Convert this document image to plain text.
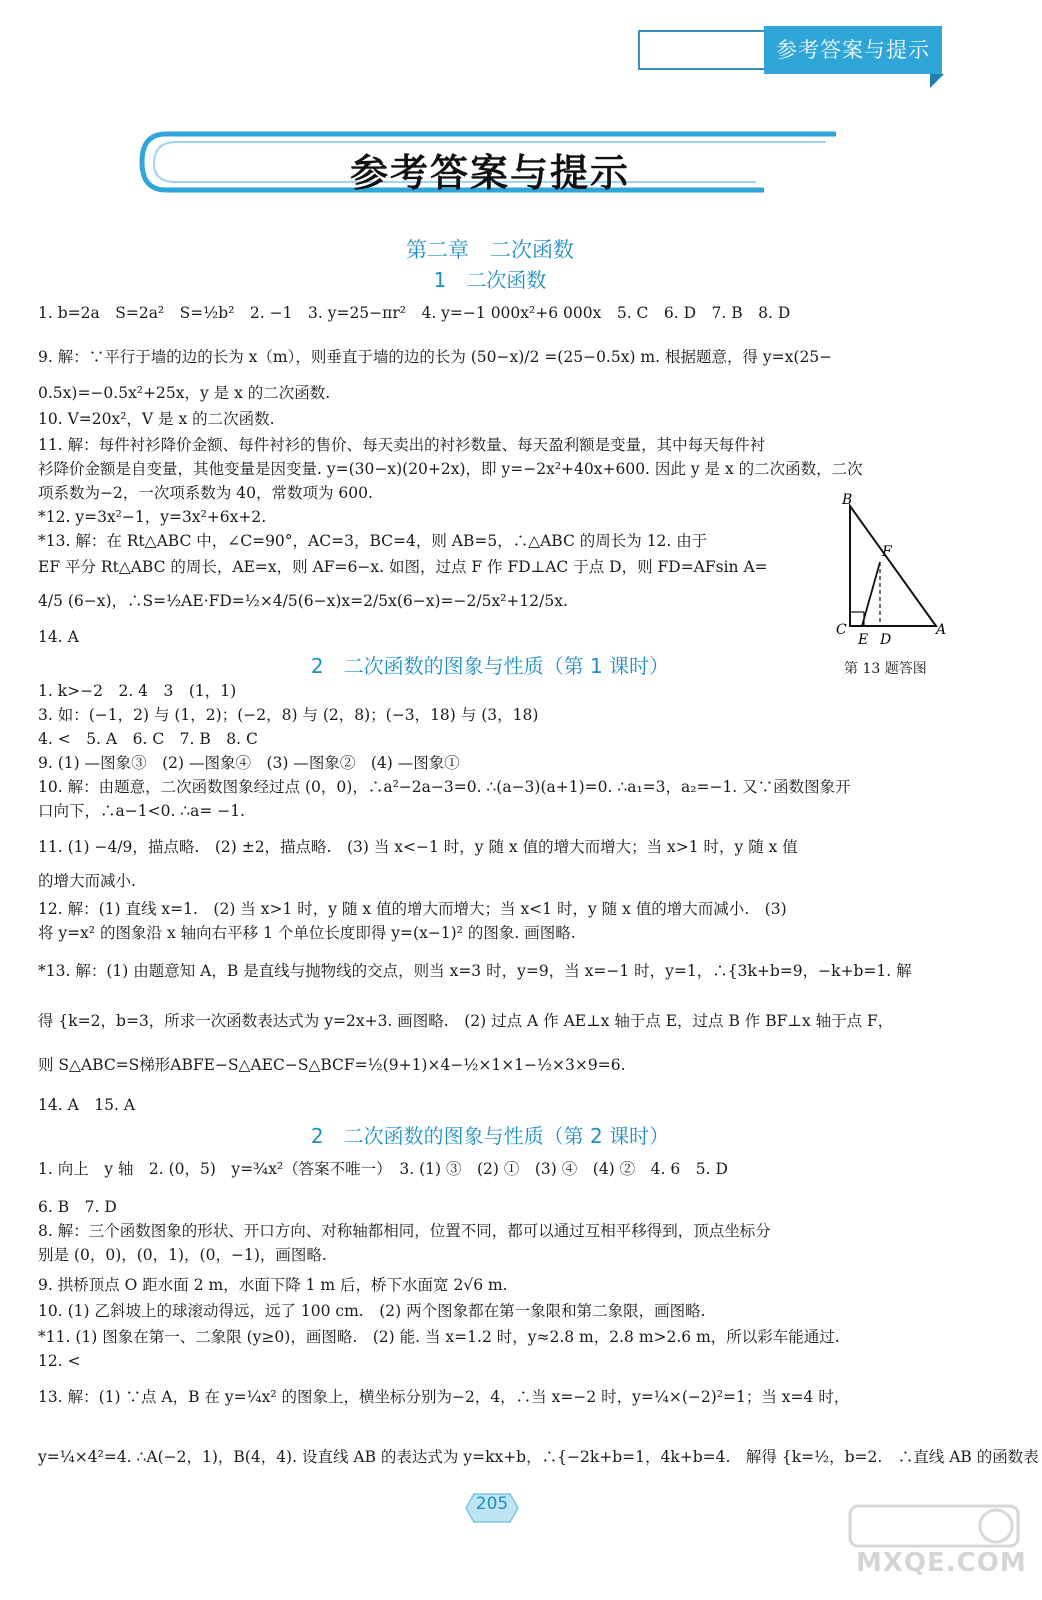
参考答案与提示
参考答案与提示
第二章　二次函数
1　二次函数
1. b=2a　S=2a²　S=½b²　2. −1　3. y=25−πr²　4. y=−1 000x²+6 000x　5. C　6. D　7. B　8. D
9. 解：∵平行于墙的边的长为 x（m），则垂直于墙的边的长为 (50−x)/2 =(25−0.5x) m. 根据题意，得 y=x(25−
0.5x)=−0.5x²+25x，y 是 x 的二次函数.
10. V=20x²，V 是 x 的二次函数.
11. 解：每件衬衫降价金额、每件衬衫的售价、每天卖出的衬衫数量、每天盈利额是变量，其中每天每件衬
衫降价金额是自变量，其他变量是因变量. y=(30−x)(20+2x)，即 y=−2x²+40x+600. 因此 y 是 x 的二次函数，二次
项系数为−2，一次项系数为 40，常数项为 600.
*12. y=3x²−1，y=3x²+6x+2.
*13. 解：在 Rt△ABC 中，∠C=90°，AC=3，BC=4，则 AB=5，∴△ABC 的周长为 12. 由于
EF 平分 Rt△ABC 的周长，AE=x，则 AF=6−x. 如图，过点 F 作 FD⊥AC 于点 D，则 FD=AFsin A=
4/5 (6−x)，∴S=½AE·FD=½×4/5(6−x)x=2/5x(6−x)=−2/5x²+12/5x.
14. A
B
F
C
E D
A
第 13 题答图
2　二次函数的图象与性质（第 1 课时）
1. k>−2　2. 4　3　(1，1)
3. 如：(−1，2) 与 (1，2)；(−2，8) 与 (2，8)；(−3，18) 与 (3，18)
4. <　5. A　6. C　7. B　8. C
9. (1) —图象③　(2) —图象④　(3) —图象②　(4) —图象①
10. 解：由题意，二次函数图象经过点 (0，0)，∴a²−2a−3=0. ∴(a−3)(a+1)=0. ∴a₁=3，a₂=−1. 又∵函数图象开
口向下，∴a−1<0. ∴a= −1.
11. (1) −4/9，描点略.　(2) ±2，描点略.　(3) 当 x<−1 时，y 随 x 值的增大而增大；当 x>1 时，y 随 x 值
的增大而减小.
12. 解：(1) 直线 x=1.　(2) 当 x>1 时，y 随 x 值的增大而增大；当 x<1 时，y 随 x 值的增大而减小.　(3)
将 y=x² 的图象沿 x 轴向右平移 1 个单位长度即得 y=(x−1)² 的图象. 画图略.
*13. 解：(1) 由题意知 A，B 是直线与抛物线的交点，则当 x=3 时，y=9，当 x=−1 时，y=1，∴{3k+b=9，−k+b=1. 解
得 {k=2，b=3，所求一次函数表达式为 y=2x+3. 画图略.　(2) 过点 A 作 AE⊥x 轴于点 E，过点 B 作 BF⊥x 轴于点 F，
则 S△ABC=S梯形ABFE−S△AEC−S△BCF=½(9+1)×4−½×1×1−½×3×9=6.
14. A　15. A
2　二次函数的图象与性质（第 2 课时）
1. 向上　y 轴　2. (0，5)　y=¾x²（答案不唯一）　3. (1) ③　(2) ①　(3) ④　(4) ②　4. 6　5. D
6. B　7. D
8. 解：三个函数图象的形状、开口方向、对称轴都相同，位置不同，都可以通过互相平移得到，顶点坐标分
别是 (0，0)，(0，1)，(0，−1)，画图略.
9. 拱桥顶点 O 距水面 2 m，水面下降 1 m 后，桥下水面宽 2√6 m.
10. (1) 乙斜坡上的球滚动得远，远了 100 cm.　(2) 两个图象都在第一象限和第二象限，画图略.
*11. (1) 图象在第一、二象限 (y≥0)，画图略.　(2) 能. 当 x=1.2 时，y≈2.8 m，2.8 m>2.6 m，所以彩车能通过.
12. <
13. 解：(1) ∵点 A，B 在 y=¼x² 的图象上，横坐标分别为−2，4，∴当 x=−2 时，y=¼×(−2)²=1；当 x=4 时，
y=¼×4²=4. ∴A(−2，1)，B(4，4). 设直线 AB 的表达式为 y=kx+b，∴{−2k+b=1，4k+b=4.　解得 {k=½，b=2.　∴直线 AB 的函数表
205
MXQE.COM
